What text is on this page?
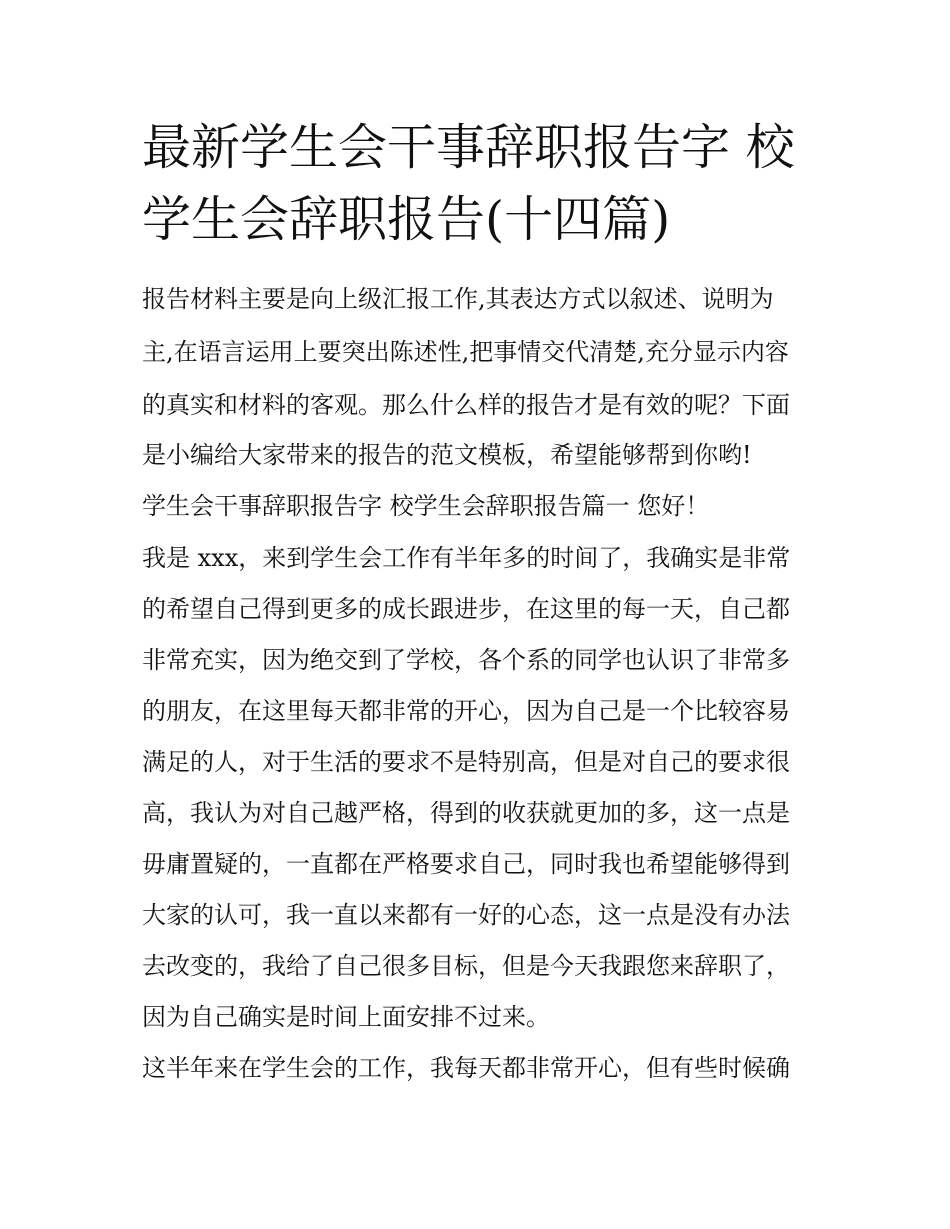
最新学生会干事辞职报告字 校
学生会辞职报告(十四篇)

报告材料主要是向上级汇报工作,其表达方式以叙述、说明为

主,在语言运用上要突出陈述性,把事情交代清楚,充分显示内容

的真实和材料的客观。那么什么样的报告才是有效的呢？下面

是小编给大家带来的报告的范文模板，希望能够帮到你哟!

学生会干事辞职报告字 校学生会辞职报告篇一 您好！

我是 xxx，来到学生会工作有半年多的时间了，我确实是非常

的希望自己得到更多的成长跟进步，在这里的每一天，自己都

非常充实，因为绝交到了学校，各个系的同学也认识了非常多

的朋友，在这里每天都非常的开心，因为自己是一个比较容易

满足的人，对于生活的要求不是特别高，但是对自己的要求很

高，我认为对自己越严格，得到的收获就更加的多，这一点是

毋庸置疑的，一直都在严格要求自己，同时我也希望能够得到

大家的认可，我一直以来都有一好的心态，这一点是没有办法

去改变的，我给了自己很多目标，但是今天我跟您来辞职了，

因为自己确实是时间上面安排不过来。

这半年来在学生会的工作，我每天都非常开心，但有些时候确
